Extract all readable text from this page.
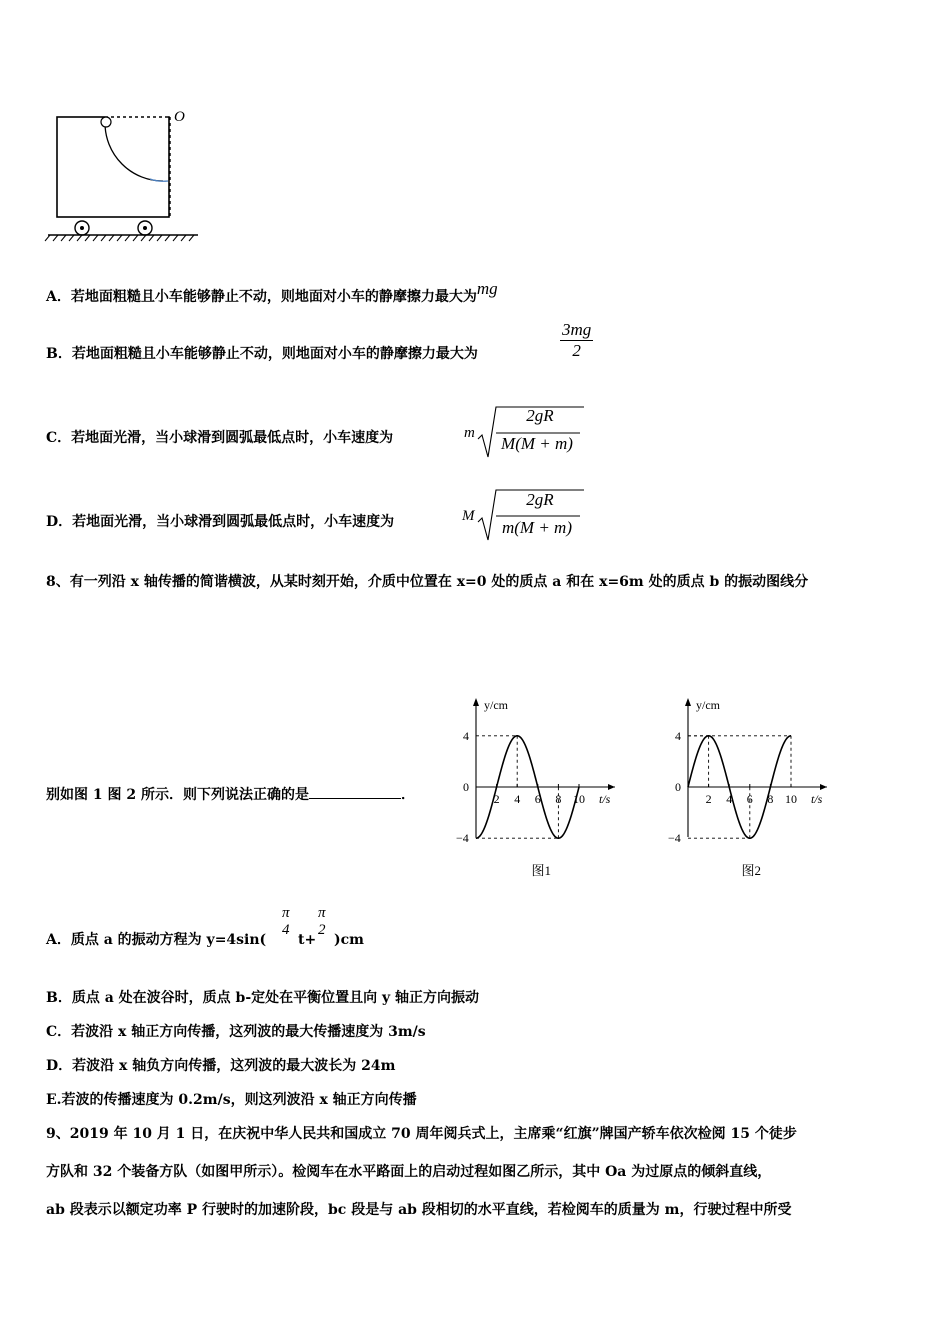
O
A．若地面粗糙且小车能够静止不动，则地面对小车的静摩擦力最大为mg
B．若地面粗糙且小车能够静止不动，则地面对小车的静摩擦力最大为	$\frac{3mg}{2}$
C．若地面光滑，当小球滑到圆弧最低点时，小车速度为	m
2gR
M(M + m)
D．若地面光滑，当小球滑到圆弧最低点时，小车速度为	M
2gR
m(M + m)
8、有一列沿 x 轴传播的简谐横波，从某时刻开始，介质中位置在 x=0 处的质点 a 和在 x=6m 处的质点 b 的振动图线分
别如图 1 图 2 所示．则下列说法正确的是	．
y/cm
t/s
4
−4
0
2 4 6 8 10
图1
y/cm
t/s
4
−4
0
2 4 6 8 10
图2
A．质点 a 的振动方程为 y=4sin(
π
4
t+
π
2
)cm
B．质点 a 处在波谷时，质点 b-定处在平衡位置且向 y 轴正方向振动
C．若波沿 x 轴正方向传播，这列波的最大传播速度为 3m/s
D．若波沿 x 轴负方向传播，这列波的最大波长为 24m
E.若波的传播速度为 0.2m/s，则这列波沿 x 轴正方向传播
9、2019 年 10 月 1 日，在庆祝中华人民共和国成立 70 周年阅兵式上，主席乘“红旗”牌国产轿车依次检阅 15 个徒步
方队和 32 个装备方队（如图甲所示）。检阅车在水平路面上的启动过程如图乙所示，其中 Oa 为过原点的倾斜直线，
ab 段表示以额定功率 P 行驶时的加速阶段，bc 段是与 ab 段相切的水平直线，若检阅车的质量为 m，行驶过程中所受
